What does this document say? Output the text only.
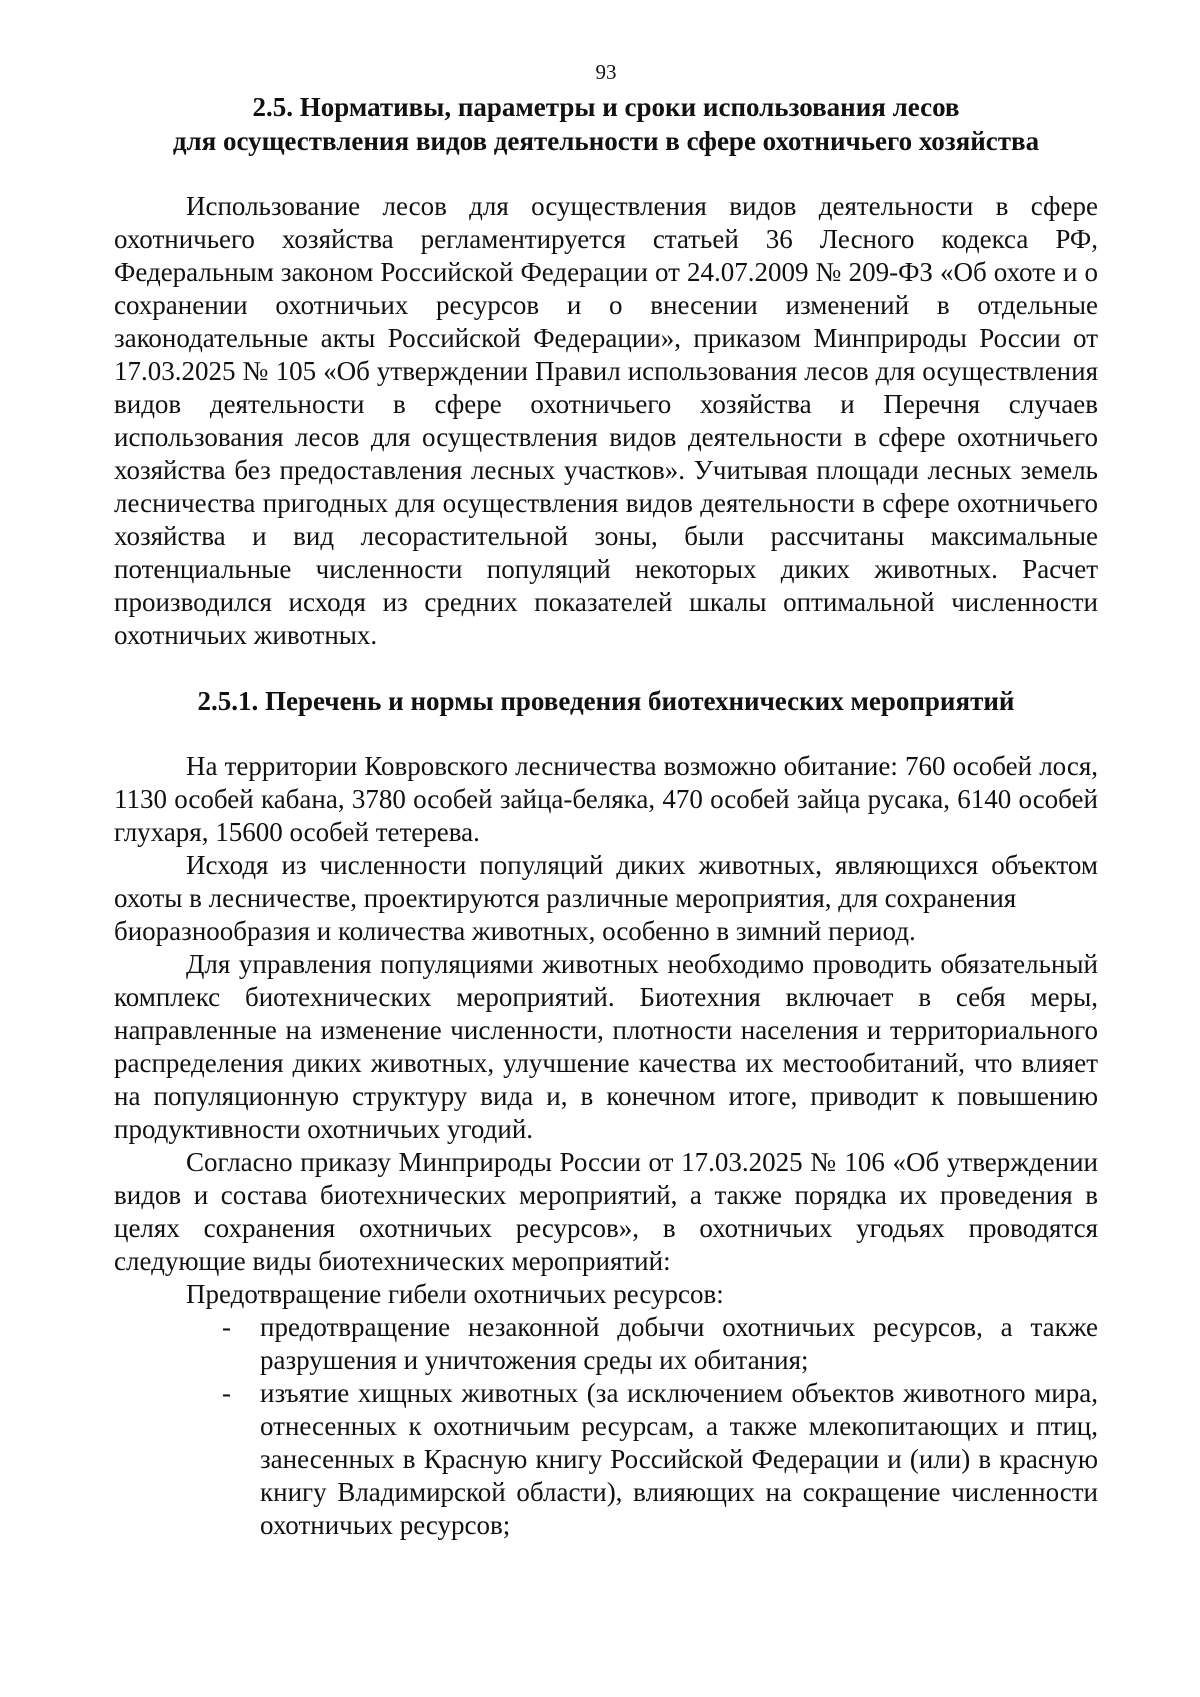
93
2.5. Нормативы, параметры и сроки использования лесов
для осуществления видов деятельности в сфере охотничьего хозяйства

Использование лесов для осуществления видов деятельности в сфере охотничьего хозяйства регламентируется статьей 36 Лесного кодекса РФ, Федеральным законом Российской Федерации от 24.07.2009 № 209-ФЗ «Об охоте и о сохранении охотничьих ресурсов и о внесении изменений в отдельные законодательные акты Российской Федерации», приказом Минприроды России от 17.03.2025 № 105 «Об утверждении Правил использования лесов для осуществления видов деятельности в сфере охотничьего хозяйства и Перечня случаев использования лесов для осуществления видов деятельности в сфере охотничьего хозяйства без предоставления лесных участков». Учитывая площади лесных земель лесничества пригодных для осуществления видов деятельности в сфере охотничьего хозяйства и вид лесорастительной зоны, были рассчитаны максимальные потенциальные численности популяций некоторых диких животных. Расчет производился исходя из средних показателей шкалы оптимальной численности охотничьих животных.

2.5.1. Перечень и нормы проведения биотехнических мероприятий

На территории Ковровского лесничества возможно обитание: 760 особей лося, 1130 особей кабана, 3780 особей зайца-беляка, 470 особей зайца русака, 6140 особей глухаря, 15600 особей тетерева.

Исходя из численности популяций диких животных, являющихся объектом охоты в лесничестве, проектируются различные мероприятия, для сохранения

биоразнообразия и количества животных, особенно в зимний период.

Для управления популяциями животных необходимо проводить обязательный комплекс биотехнических мероприятий. Биотехния включает в себя меры, направленные на изменение численности, плотности населения и территориального распределения диких животных, улучшение качества их местообитаний, что влияет на популяционную структуру вида и, в конечном итоге, приводит к повышению продуктивности охотничьих угодий.

Согласно приказу Минприроды России от 17.03.2025 № 106 «Об утверждении видов и состава биотехнических мероприятий, а также порядка их проведения в целях сохранения охотничьих ресурсов», в охотничьих угодьях проводятся следующие виды биотехнических мероприятий:

Предотвращение гибели охотничьих ресурсов:

- предотвращение незаконной добычи охотничьих ресурсов, а также разрушения и уничтожения среды их обитания;
- изъятие хищных животных (за исключением объектов животного мира, отнесенных к охотничьим ресурсам, а также млекопитающих и птиц, занесенных в Красную книгу Российской Федерации и (или) в красную книгу Владимирской области), влияющих на сокращение численности охотничьих ресурсов;
